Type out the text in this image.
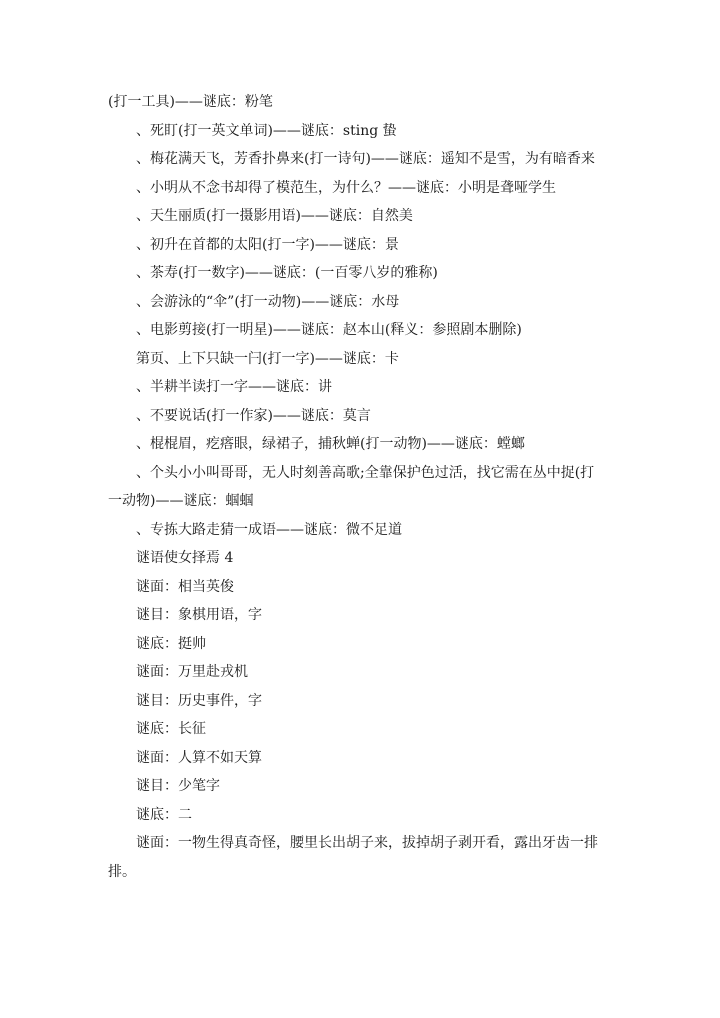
(打一工具)——谜底：粉笔

、死盯(打一英文单词)——谜底：sting 蛰

、梅花满天飞，芳香扑鼻来(打一诗句)——谜底：遥知不是雪，为有暗香来

、小明从不念书却得了模范生，为什么？——谜底：小明是聋哑学生

、天生丽质(打一摄影用语)——谜底：自然美

、初升在首都的太阳(打一字)——谜底：景

、茶寿(打一数字)——谜底：(一百零八岁的雅称)

、会游泳的“伞”(打一动物)——谜底：水母

、电影剪接(打一明星)——谜底：赵本山(释义：参照剧本删除)

第页、上下只缺一闩(打一字)——谜底：卡

、半耕半读打一字——谜底：讲

、不要说话(打一作家)——谜底：莫言

、棍棍眉，疙瘩眼，绿裙子，捕秋蝉(打一动物)——谜底：螳螂

、个头小小叫哥哥，无人时刻善高歌;全靠保护色过活，找它需在丛中捉(打一动物)——谜底：蝈蝈

、专拣大路走猜一成语——谜底：微不足道

谜语使女择焉 4

谜面：相当英俊

谜目：象棋用语，字

谜底：挺帅

谜面：万里赴戎机

谜目：历史事件，字

谜底：长征

谜面：人算不如天算

谜目：少笔字

谜底：二

谜面：一物生得真奇怪，腰里长出胡子来，拔掉胡子剥开看，露出牙齿一排排。
